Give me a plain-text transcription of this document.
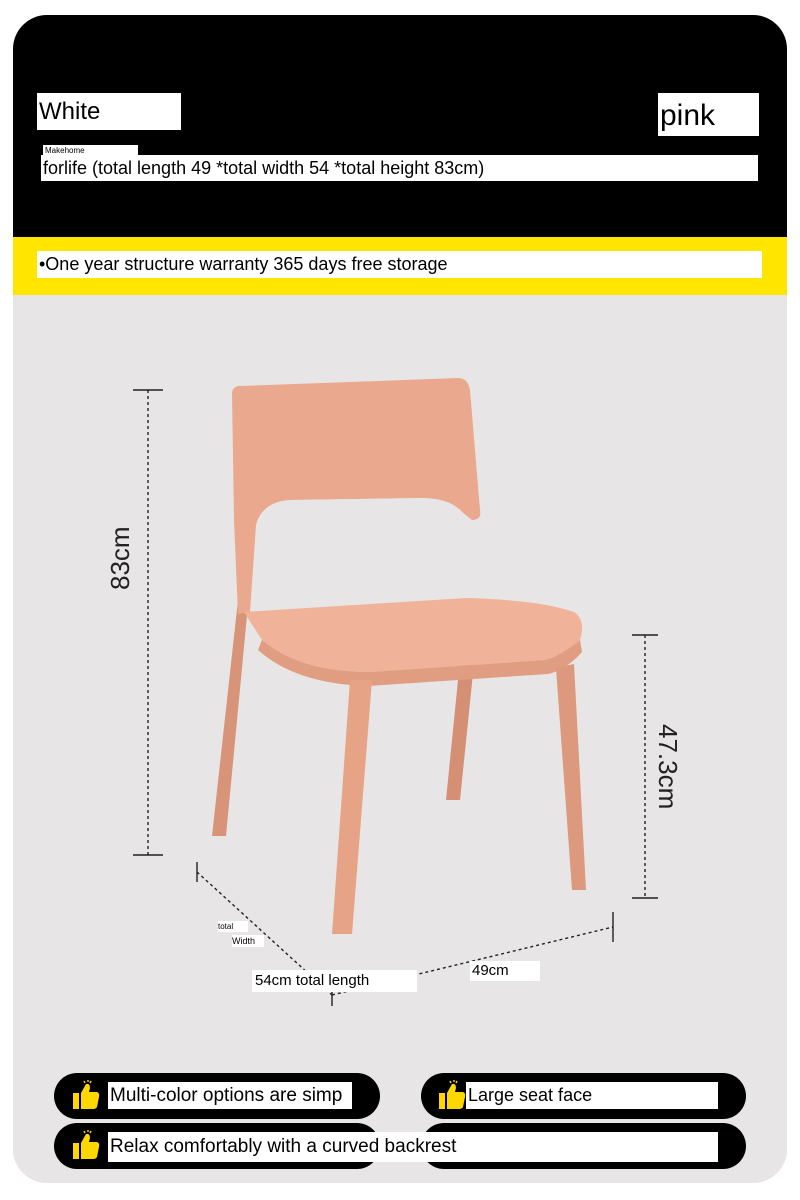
White	pink
Makehome
forlife (total length 49 *total width 54 *total height 83cm)
•One year structure warranty 365 days free storage
83cm
47.3cm
total
Width
54cm total length
49cm
Multi-color options are simp	Large seat face
Relax comfortably with a curved backrest
